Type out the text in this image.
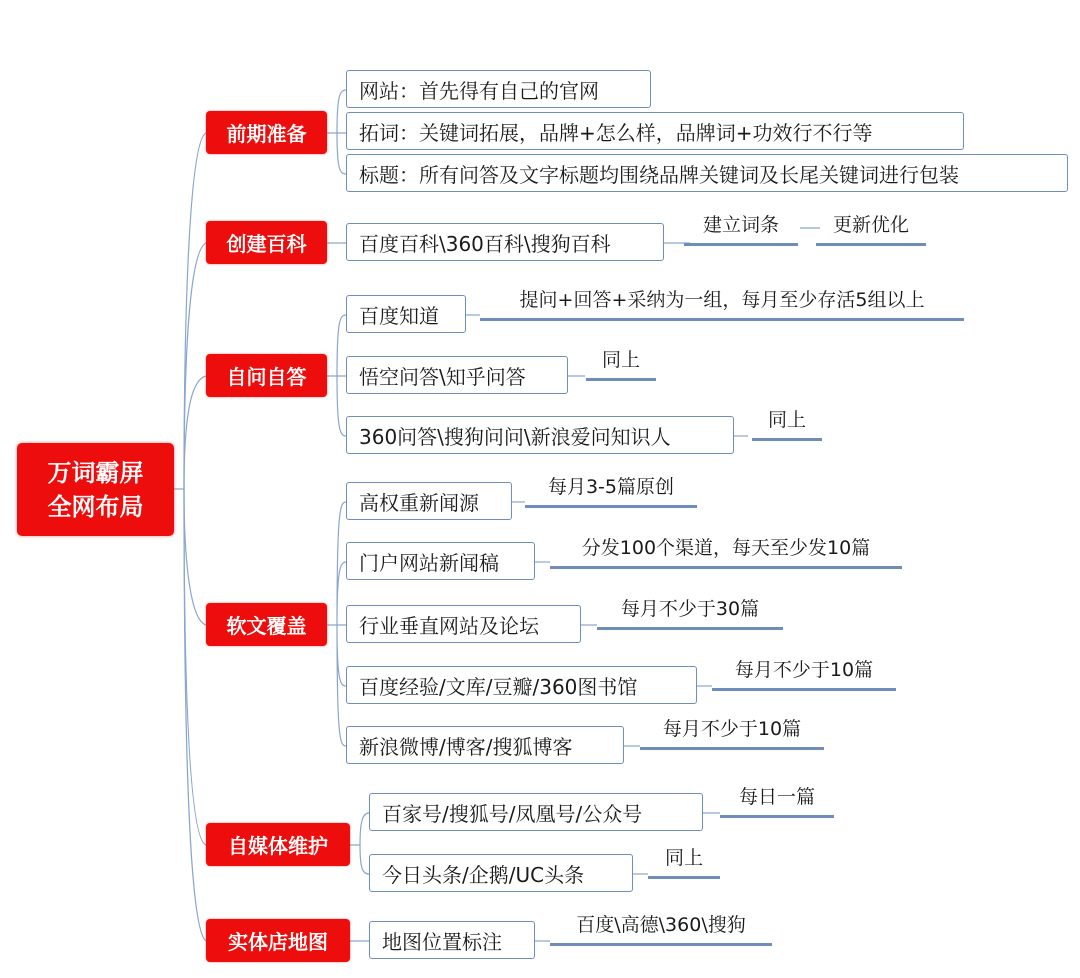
万词霸屏
全网布局
前期准备
创建百科
自问自答
软文覆盖
自媒体维护
实体店地图
网站：首先得有自己的官网
拓词：关键词拓展，品牌+怎么样，品牌词+功效行不行等
标题：所有问答及文字标题均围绕品牌关键词及长尾关键词进行包装
百度百科\360百科\搜狗百科
建立词条	更新优化
百度知道
提问+回答+采纳为一组，每月至少存活5组以上
悟空问答\知乎问答
同上
360问答\搜狗问问\新浪爱问知识人
同上
高权重新闻源
每月3-5篇原创
门户网站新闻稿
分发100个渠道，每天至少发10篇
行业垂直网站及论坛
每月不少于30篇
百度经验/文库/豆瓣/360图书馆
每月不少于10篇
新浪微博/博客/搜狐博客
每月不少于10篇
百家号/搜狐号/凤凰号/公众号
每日一篇
今日头条/企鹅/UC头条
同上
地图位置标注
百度\高德\360\搜狗
